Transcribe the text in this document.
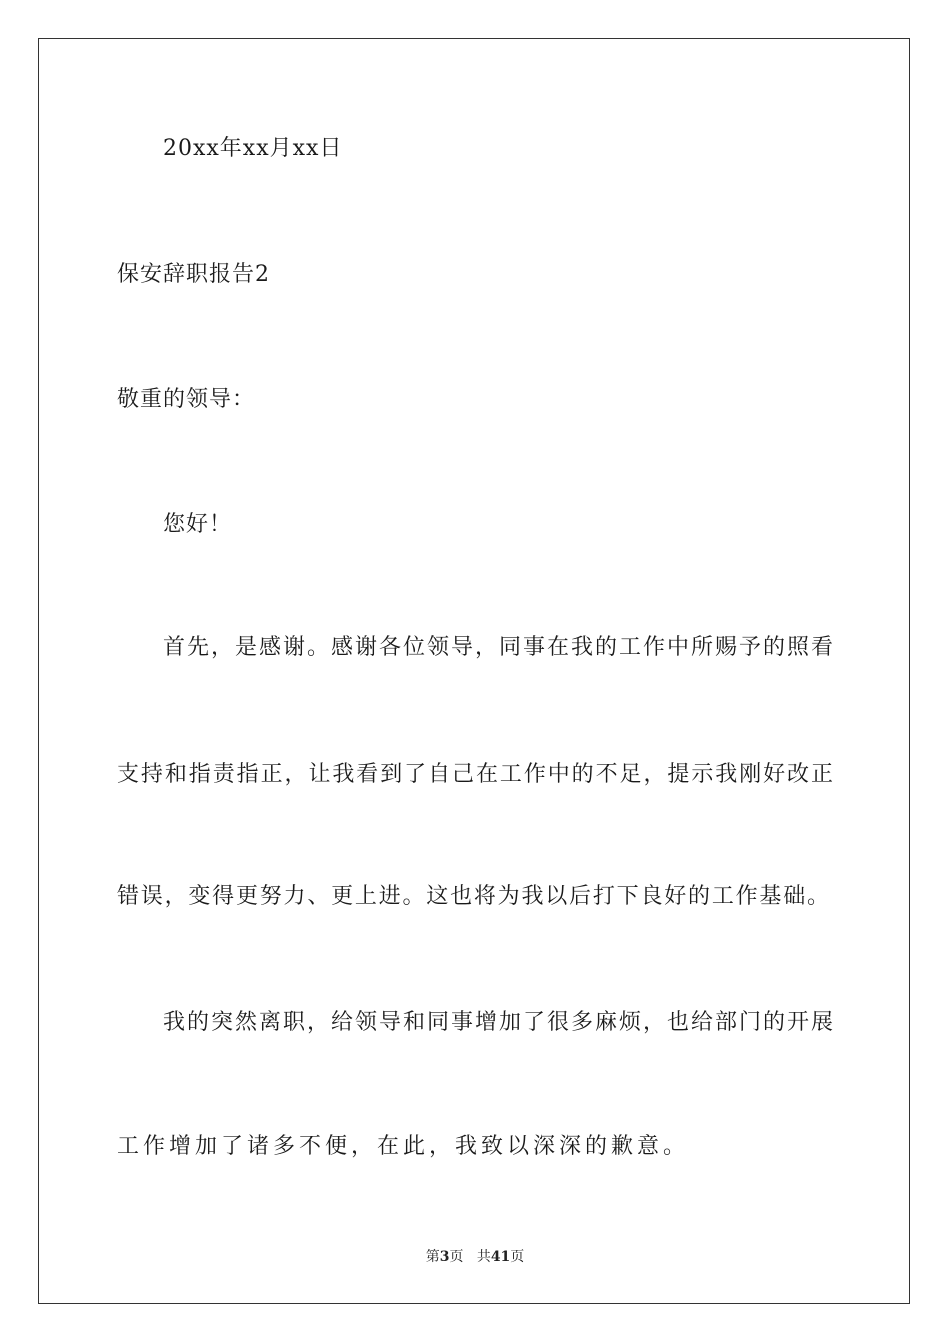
20xx年xx月xx日
保安辞职报告2
敬重的领导：
您好！
首先，是感谢。感谢各位领导，同事在我的工作中所赐予的照看
支持和指责指正，让我看到了自己在工作中的不足，提示我刚好改正
错误，变得更努力、更上进。这也将为我以后打下良好的工作基础。
我的突然离职，给领导和同事增加了很多麻烦，也给部门的开展
工作增加了诸多不便，在此，我致以深深的歉意。
第3页 共41页
